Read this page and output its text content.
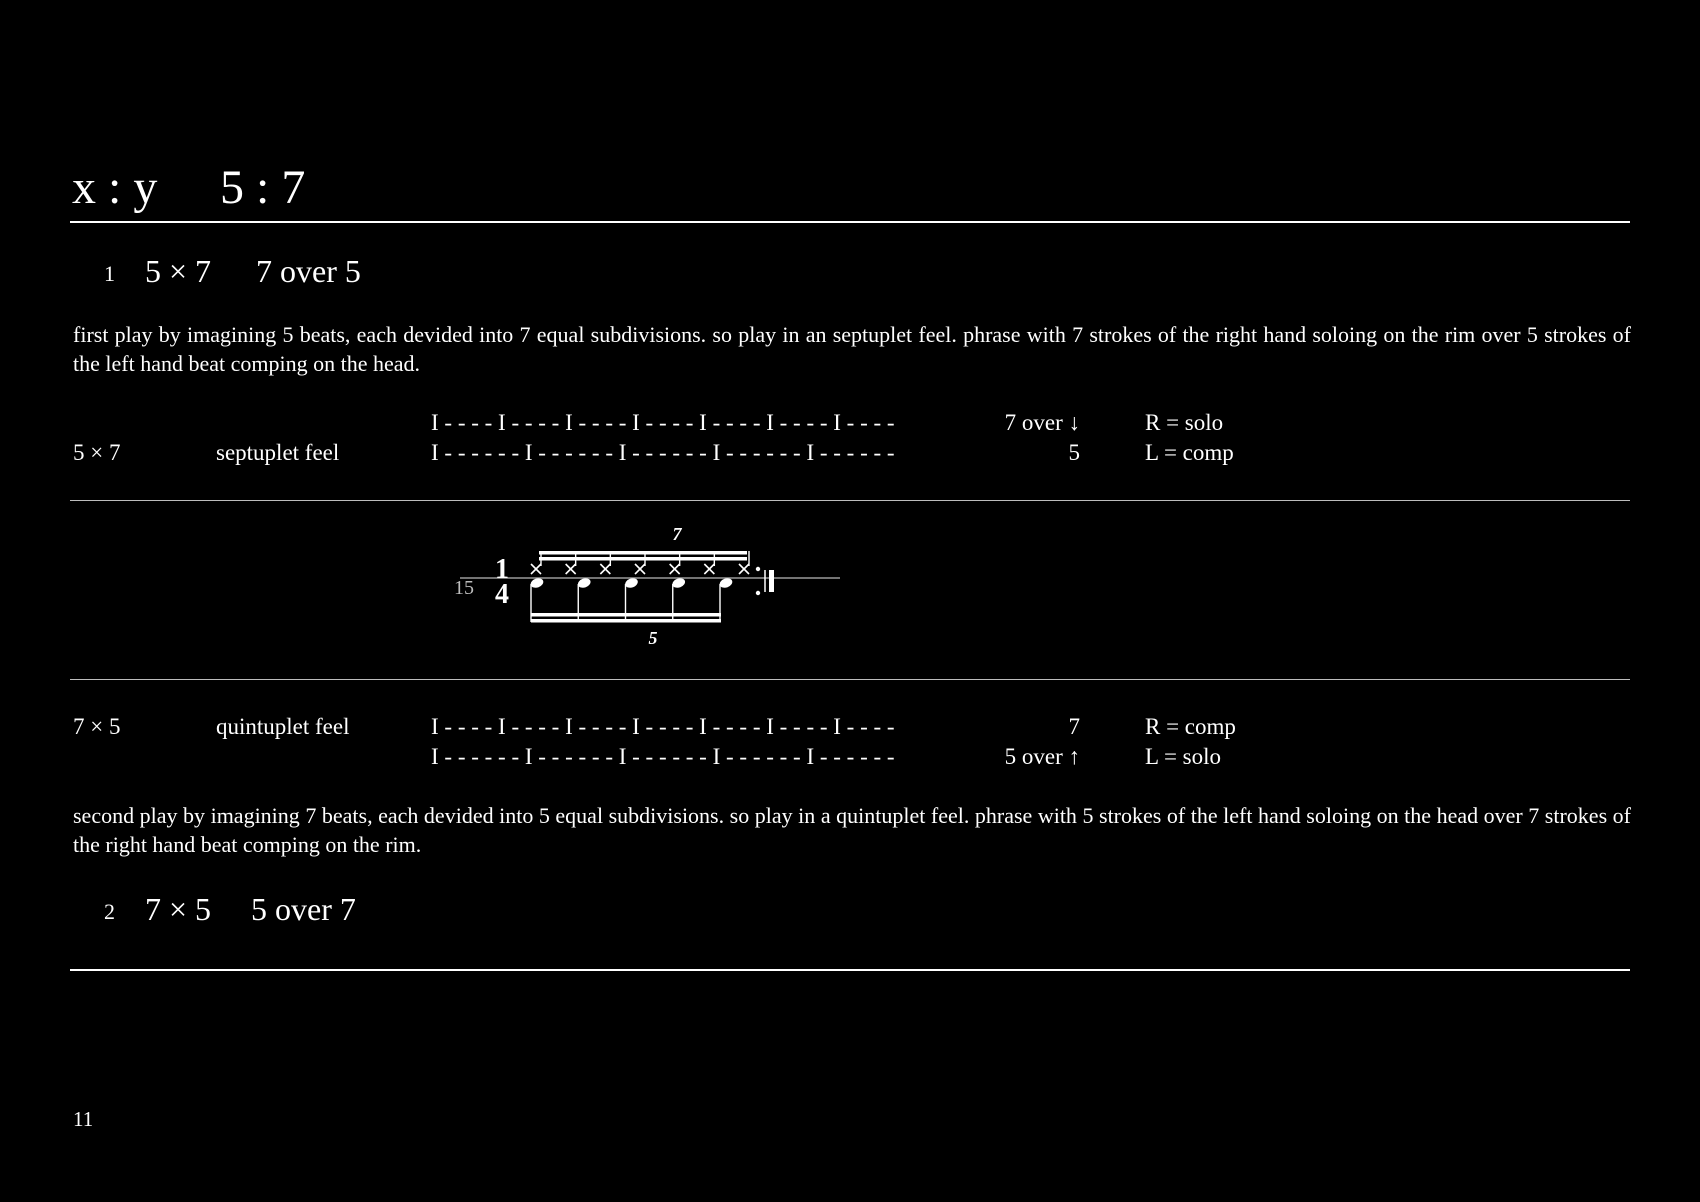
x : y 5 : 7
1 5 × 7 7 over 5
first play by imagining 5 beats, each devided into 7 equal subdivisions. so play in an septuplet feel. phrase with 7 strokes of the right hand soloing on the rim over 5 strokes of the left hand beat comping on the head.
I - - - - I - - - - I - - - - I - - - - I - - - - I - - - - I - - - -	7 over ↓	R = solo
5 × 7	septuplet feel	I - - - - - - I - - - - - - I - - - - - - I - - - - - - I - - - - - -	5	L = comp
15
1
4
7
5
7 × 5	quintuplet feel	I - - - - I - - - - I - - - - I - - - - I - - - - I - - - - I - - - -	7	R = comp
I - - - - - - I - - - - - - I - - - - - - I - - - - - - I - - - - - -	5 over ↑	L = solo
second play by imagining 7 beats, each devided into 5 equal subdivisions. so play in a quintuplet feel. phrase with 5 strokes of the left hand soloing on the head over 7 strokes of the right hand beat comping on the rim.
2 7 × 5 5 over 7
11
